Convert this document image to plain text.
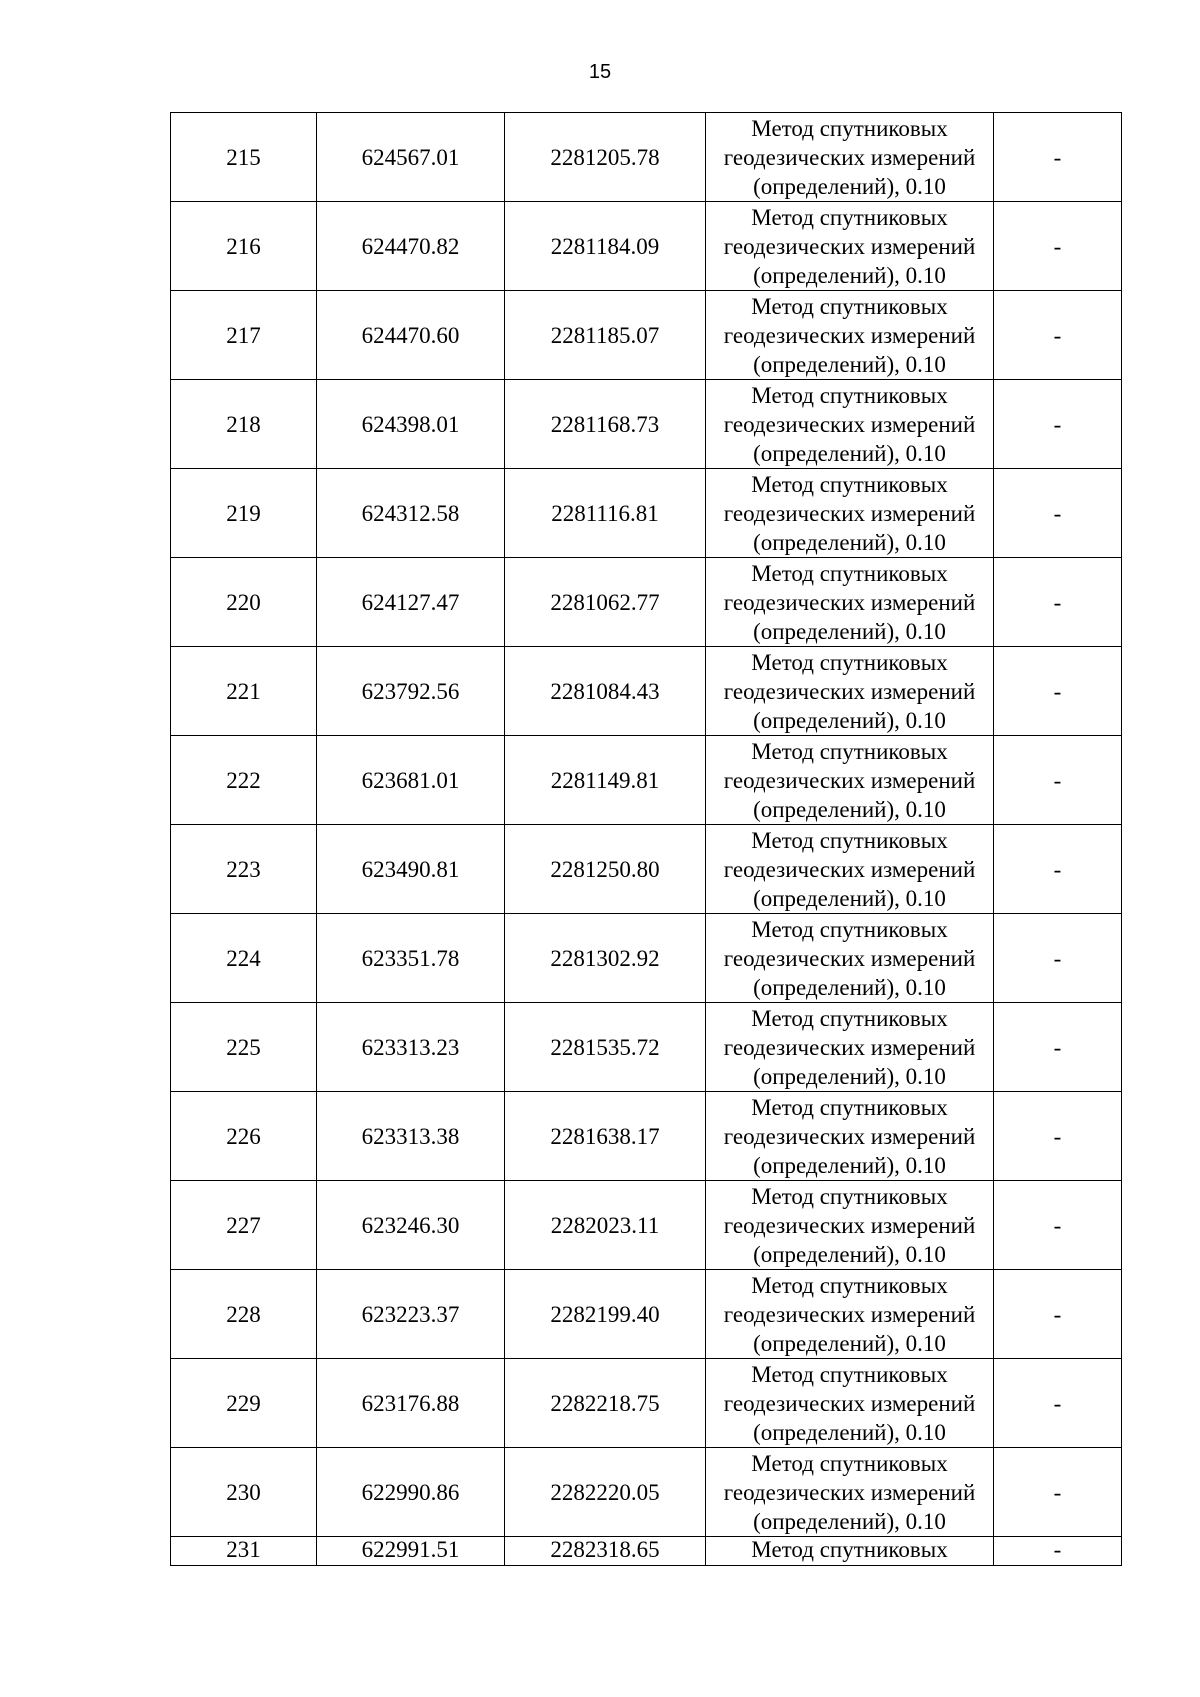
15
215	624567.01	2281205.78	Метод спутниковых
геодезических измерений
(определений), 0.10	-
216	624470.82	2281184.09	Метод спутниковых
геодезических измерений
(определений), 0.10	-
217	624470.60	2281185.07	Метод спутниковых
геодезических измерений
(определений), 0.10	-
218	624398.01	2281168.73	Метод спутниковых
геодезических измерений
(определений), 0.10	-
219	624312.58	2281116.81	Метод спутниковых
геодезических измерений
(определений), 0.10	-
220	624127.47	2281062.77	Метод спутниковых
геодезических измерений
(определений), 0.10	-
221	623792.56	2281084.43	Метод спутниковых
геодезических измерений
(определений), 0.10	-
222	623681.01	2281149.81	Метод спутниковых
геодезических измерений
(определений), 0.10	-
223	623490.81	2281250.80	Метод спутниковых
геодезических измерений
(определений), 0.10	-
224	623351.78	2281302.92	Метод спутниковых
геодезических измерений
(определений), 0.10	-
225	623313.23	2281535.72	Метод спутниковых
геодезических измерений
(определений), 0.10	-
226	623313.38	2281638.17	Метод спутниковых
геодезических измерений
(определений), 0.10	-
227	623246.30	2282023.11	Метод спутниковых
геодезических измерений
(определений), 0.10	-
228	623223.37	2282199.40	Метод спутниковых
геодезических измерений
(определений), 0.10	-
229	623176.88	2282218.75	Метод спутниковых
геодезических измерений
(определений), 0.10	-
230	622990.86	2282220.05	Метод спутниковых
геодезических измерений
(определений), 0.10	-
231	622991.51	2282318.65	Метод спутниковых	-
